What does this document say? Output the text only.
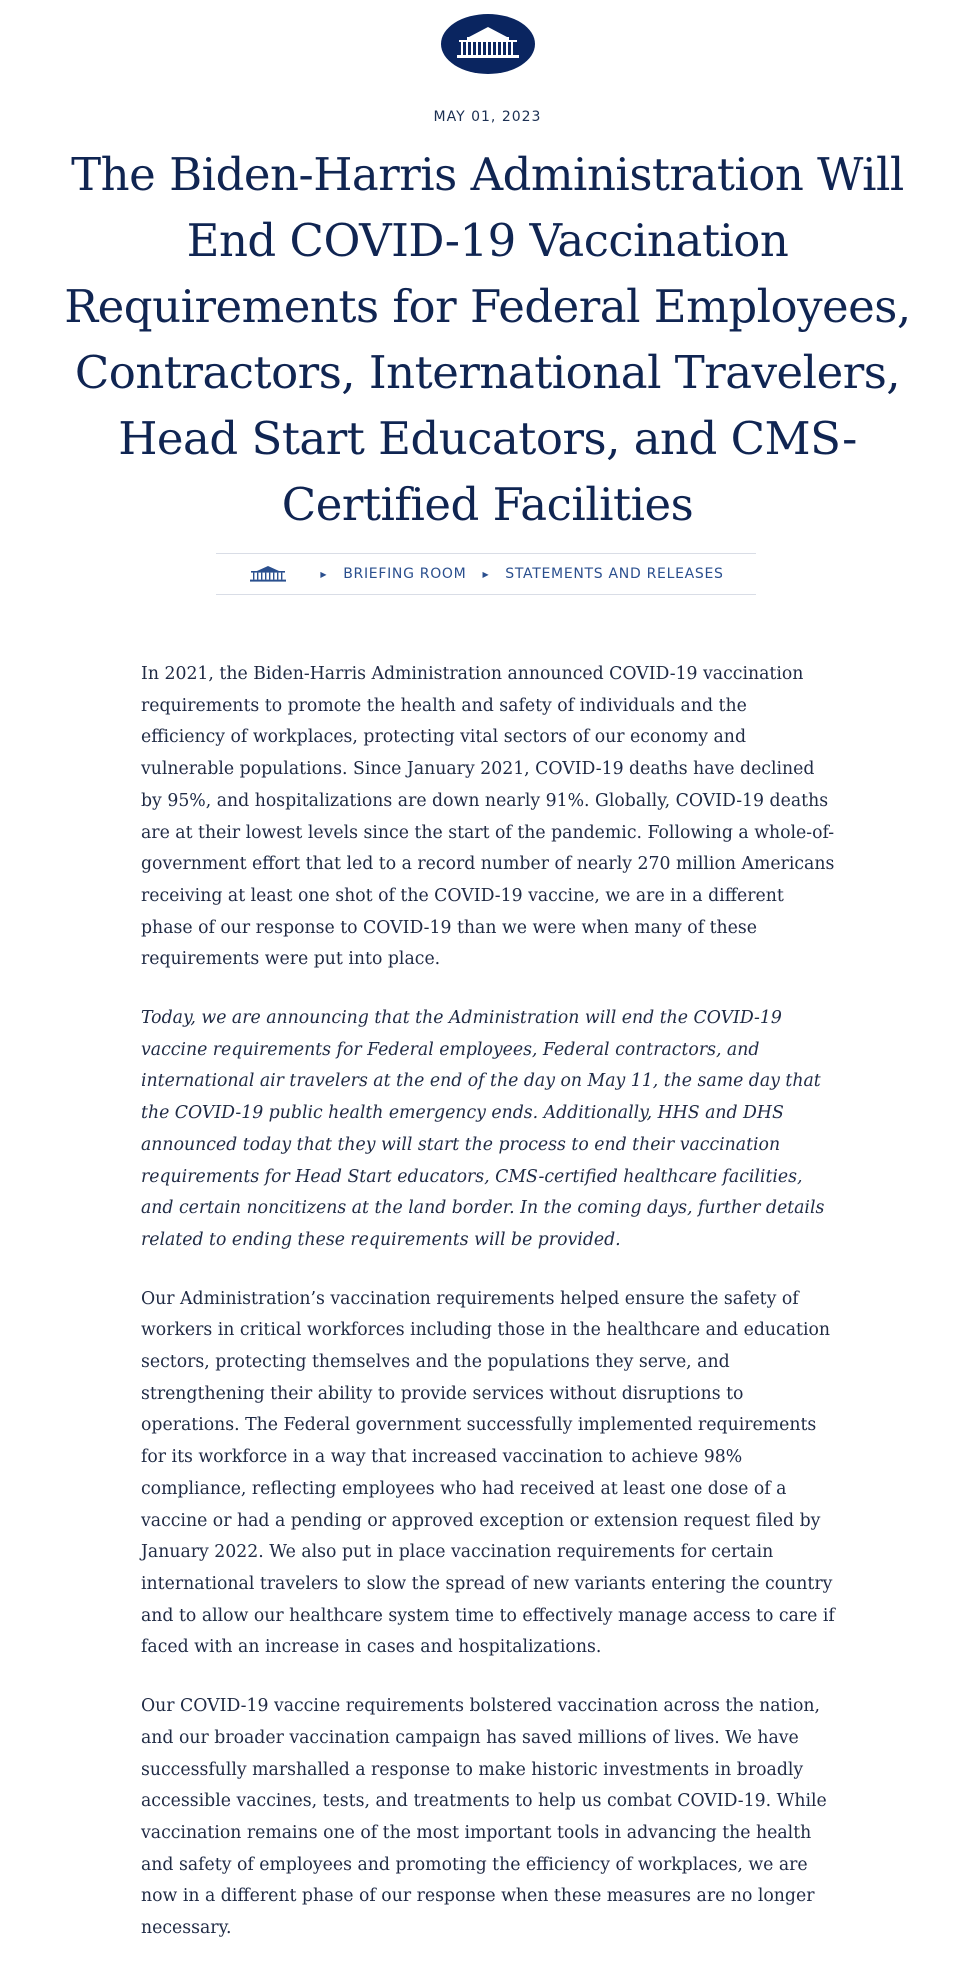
MAY 01, 2023
The Biden-Harris Administration Will End COVID-19 Vaccination Requirements for Federal Employees, Contractors, International Travelers, Head Start Educators, and CMS-Certified Facilities
▶ BRIEFING ROOM ▶ STATEMENTS AND RELEASES

In 2021, the Biden-Harris Administration announced COVID-19 vaccination requirements to promote the health and safety of individuals and the efficiency of workplaces, protecting vital sectors of our economy and vulnerable populations. Since January 2021, COVID-19 deaths have declined by 95%, and hospitalizations are down nearly 91%. Globally, COVID-19 deaths are at their lowest levels since the start of the pandemic. Following a whole-of-government effort that led to a record number of nearly 270 million Americans receiving at least one shot of the COVID-19 vaccine, we are in a different phase of our response to COVID-19 than we were when many of these requirements were put into place.

Today, we are announcing that the Administration will end the COVID-19 vaccine requirements for Federal employees, Federal contractors, and international air travelers at the end of the day on May 11, the same day that the COVID-19 public health emergency ends. Additionally, HHS and DHS announced today that they will start the process to end their vaccination requirements for Head Start educators, CMS-certified healthcare facilities, and certain noncitizens at the land border. In the coming days, further details related to ending these requirements will be provided.

Our Administration’s vaccination requirements helped ensure the safety of workers in critical workforces including those in the healthcare and education sectors, protecting themselves and the populations they serve, and strengthening their ability to provide services without disruptions to operations. The Federal government successfully implemented requirements for its workforce in a way that increased vaccination to achieve 98% compliance, reflecting employees who had received at least one dose of a vaccine or had a pending or approved exception or extension request filed by January 2022. We also put in place vaccination requirements for certain international travelers to slow the spread of new variants entering the country and to allow our healthcare system time to effectively manage access to care if faced with an increase in cases and hospitalizations.

Our COVID-19 vaccine requirements bolstered vaccination across the nation, and our broader vaccination campaign has saved millions of lives. We have successfully marshalled a response to make historic investments in broadly accessible vaccines, tests, and treatments to help us combat COVID-19. While vaccination remains one of the most important tools in advancing the health and safety of employees and promoting the efficiency of workplaces, we are now in a different phase of our response when these measures are no longer necessary.
